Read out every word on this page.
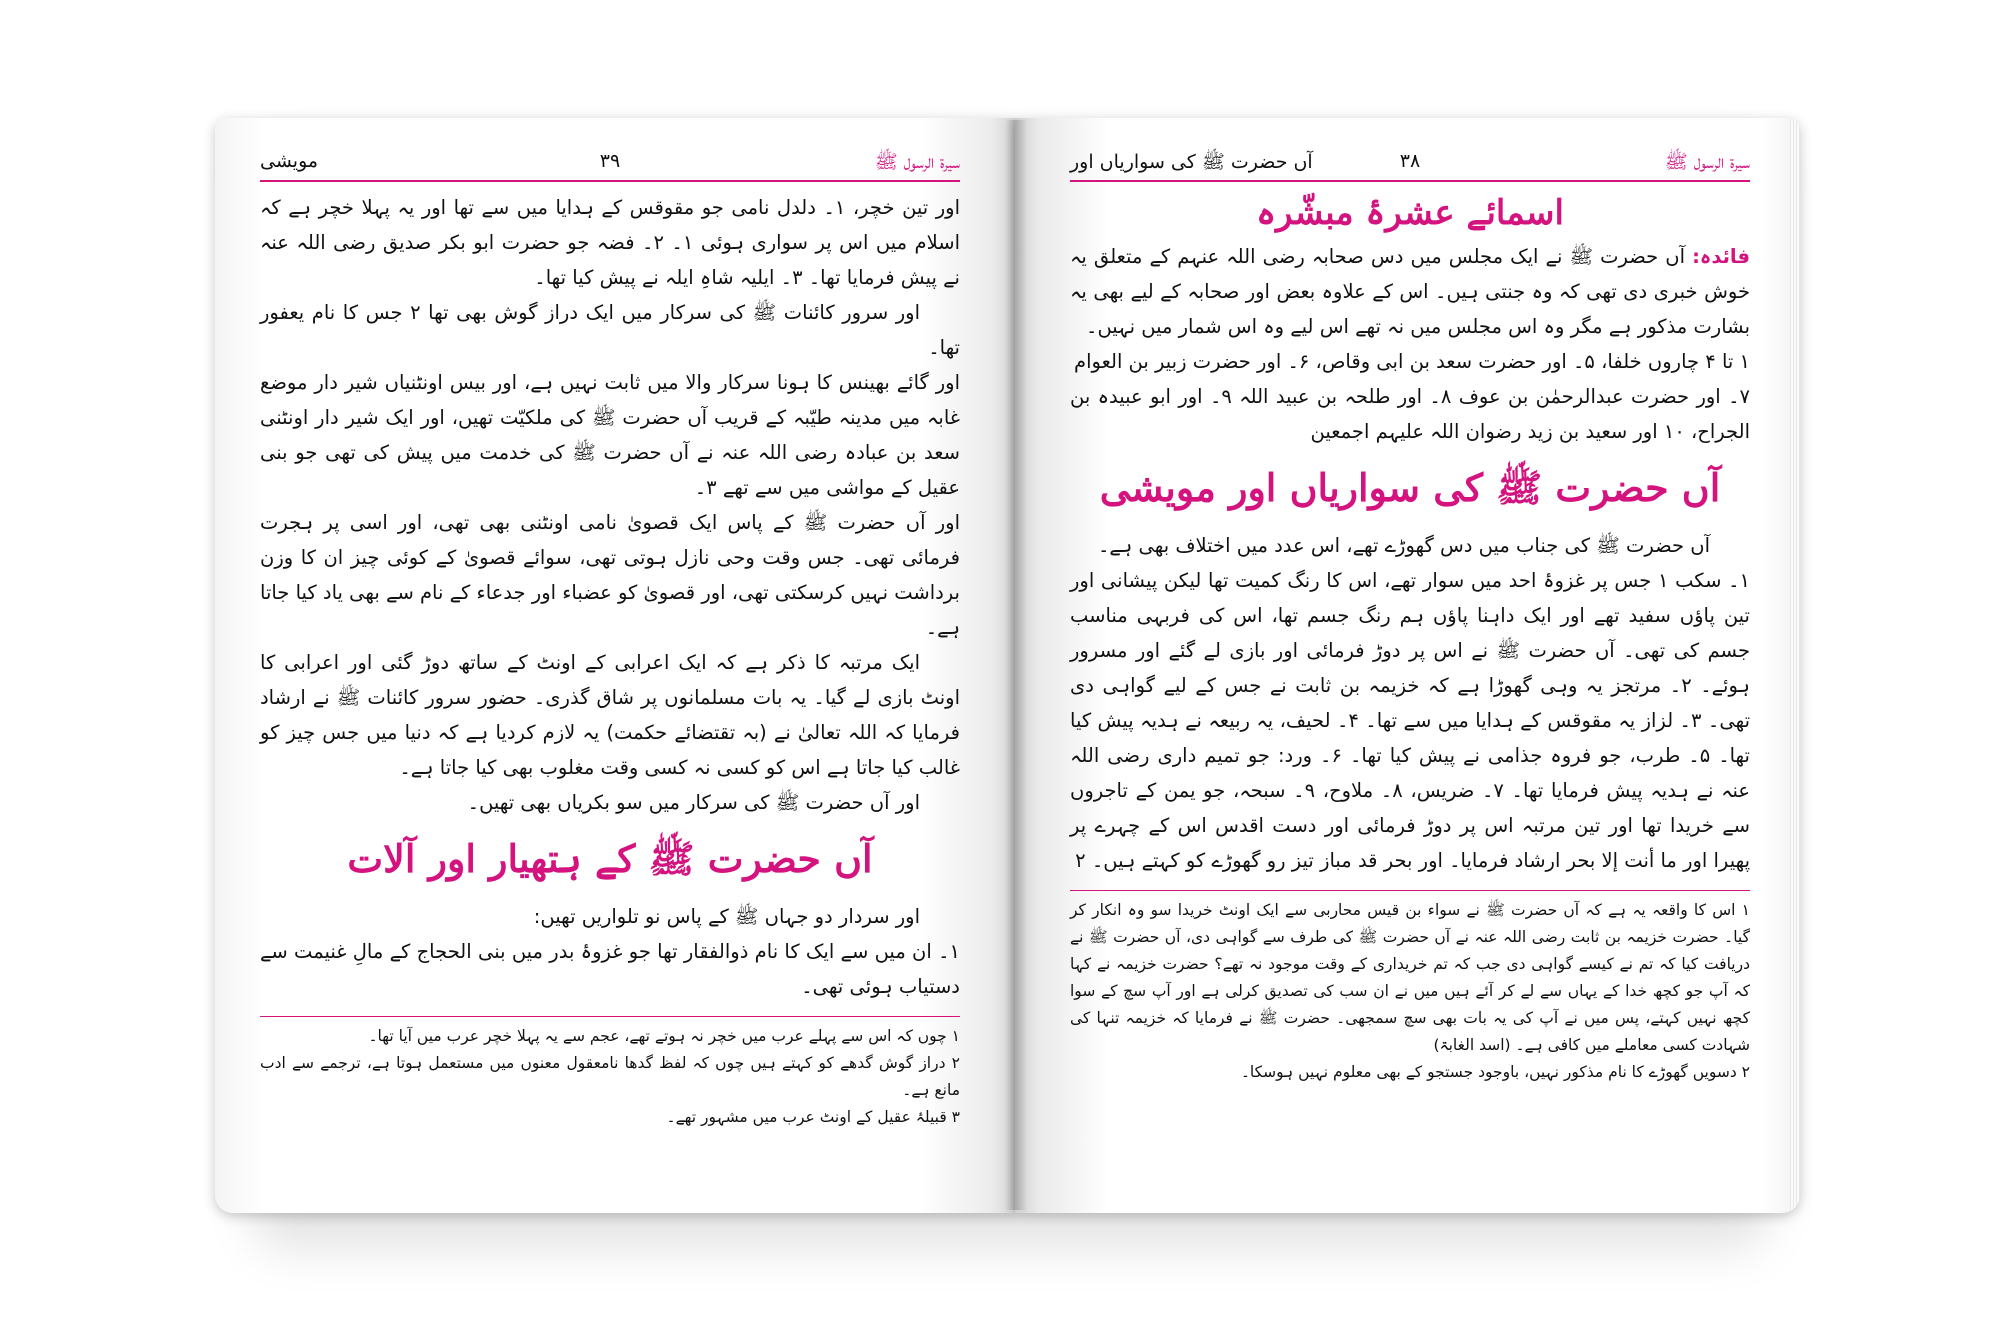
سیرۃ الرسول ﷺ
۳۹
مویشی

اور تین خچر، ۱۔ دلدل نامی جو مقوقس کے ہدایا میں سے تھا اور یہ پہلا خچر ہے کہ اسلام میں اس پر سواری ہوئی ۱۔ ۲۔ فضہ جو حضرت ابو بکر صدیق رضی اللہ عنہ نے پیش فرمایا تھا۔ ۳۔ ایلیہ شاہِ ایلہ نے پیش کیا تھا۔

اور سرور کائنات ﷺ کی سرکار میں ایک دراز گوش بھی تھا ۲ جس کا نام یعفور تھا۔

اور گائے بھینس کا ہونا سرکار والا میں ثابت نہیں ہے، اور بیس اونٹنیاں شیر دار موضع غابہ میں مدینہ طیّبہ کے قریب آں حضرت ﷺ کی ملکیّت تھیں، اور ایک شیر دار اونٹنی سعد بن عبادہ رضی اللہ عنہ نے آں حضرت ﷺ کی خدمت میں پیش کی تھی جو بنی عقیل کے مواشی میں سے تھے ۳۔

اور آں حضرت ﷺ کے پاس ایک قصویٰ نامی اونٹنی بھی تھی، اور اسی پر ہجرت فرمائی تھی۔ جس وقت وحی نازل ہوتی تھی، سوائے قصویٰ کے کوئی چیز ان کا وزن برداشت نہیں کرسکتی تھی، اور قصویٰ کو عضباء اور جدعاء کے نام سے بھی یاد کیا جاتا ہے۔

ایک مرتبہ کا ذکر ہے کہ ایک اعرابی کے اونٹ کے ساتھ دوڑ گئی اور اعرابی کا اونٹ بازی لے گیا۔ یہ بات مسلمانوں پر شاق گذری۔ حضور سرور کائنات ﷺ نے ارشاد فرمایا کہ اللہ تعالیٰ نے (بہ تقتضائے حکمت) یہ لازم کردیا ہے کہ دنیا میں جس چیز کو غالب کیا جاتا ہے اس کو کسی نہ کسی وقت مغلوب بھی کیا جاتا ہے۔

اور آں حضرت ﷺ کی سرکار میں سو بکریاں بھی تھیں۔

آں حضرت ﷺ کے ہتھیار اور آلات

اور سردار دو جہاں ﷺ کے پاس نو تلواریں تھیں:

۱۔ ان میں سے ایک کا نام ذوالفقار تھا جو غزوۂ بدر میں بنی الحجاج کے مالِ غنیمت سے دستیاب ہوئی تھی۔

۱ چوں کہ اس سے پہلے عرب میں خچر نہ ہوتے تھے، عجم سے یہ پہلا خچر عرب میں آیا تھا۔

۲ دراز گوش گدھے کو کہتے ہیں چوں کہ لفظ گدھا نامعقول معنوں میں مستعمل ہوتا ہے، ترجمے سے ادب مانع ہے۔

۳ قبیلۂ عقیل کے اونٹ عرب میں مشہور تھے۔

سیرۃ الرسول ﷺ
۳۸
آں حضرت ﷺ کی سواریاں اور
اسمائے عشرۂ مبشّرہ

فائدہ: آں حضرت ﷺ نے ایک مجلس میں دس صحابہ رضی اللہ عنہم کے متعلق یہ خوش خبری دی تھی کہ وہ جنتی ہیں۔ اس کے علاوہ بعض اور صحابہ کے لیے بھی یہ بشارت مذکور ہے مگر وہ اس مجلس میں نہ تھے اس لیے وہ اس شمار میں نہیں۔

۱ تا ۴ چاروں خلفا، ۵۔ اور حضرت سعد بن ابی وقاص، ۶۔ اور حضرت زبیر بن العوام

۷۔ اور حضرت عبدالرحمٰن بن عوف ۸۔ اور طلحہ بن عبید اللہ ۹۔ اور ابو عبیدہ بن الجراح، ۱۰ اور سعید بن زید رضوان اللہ علیہم اجمعین

آں حضرت ﷺ کی سواریاں اور مویشی

آں حضرت ﷺ کی جناب میں دس گھوڑے تھے، اس عدد میں اختلاف بھی ہے۔

۱۔ سکب ۱ جس پر غزوۂ احد میں سوار تھے، اس کا رنگ کمیت تھا لیکن پیشانی اور تین پاؤں سفید تھے اور ایک داہنا پاؤں ہم رنگ جسم تھا، اس کی فربہی مناسب جسم کی تھی۔ آں حضرت ﷺ نے اس پر دوڑ فرمائی اور بازی لے گئے اور مسرور ہوئے۔ ۲۔ مرتجز یہ وہی گھوڑا ہے کہ خزیمہ بن ثابت نے جس کے لیے گواہی دی تھی۔ ۳۔ لزاز یہ مقوقس کے ہدایا میں سے تھا۔ ۴۔ لحیف، یہ ربیعہ نے ہدیہ پیش کیا تھا۔ ۵۔ طرب، جو فروہ جذامی نے پیش کیا تھا۔ ۶۔ ورد: جو تمیم داری رضی اللہ عنہ نے ہدیہ پیش فرمایا تھا۔ ۷۔ ضریس، ۸۔ ملاوح، ۹۔ سبحہ، جو یمن کے تاجروں سے خریدا تھا اور تین مرتبہ اس پر دوڑ فرمائی اور دست اقدس اس کے چہرے پر پھیرا اور ما أنت إلا بحر ارشاد فرمایا۔ اور بحر قد مباز تیز رو گھوڑے کو کہتے ہیں۔ ۲

۱ اس کا واقعہ یہ ہے کہ آں حضرت ﷺ نے سواء بن قیس محاربی سے ایک اونٹ خریدا سو وہ انکار کر گیا۔ حضرت خزیمہ بن ثابت رضی اللہ عنہ نے آں حضرت ﷺ کی طرف سے گواہی دی، آں حضرت ﷺ نے دریافت کیا کہ تم نے کیسے گواہی دی جب کہ تم خریداری کے وقت موجود نہ تھے؟ حضرت خزیمہ نے کہا کہ آپ جو کچھ خدا کے یہاں سے لے کر آئے ہیں میں نے ان سب کی تصدیق کرلی ہے اور آپ سچ کے سوا کچھ نہیں کہتے، پس میں نے آپ کی یہ بات بھی سچ سمجھی۔ حضرت ﷺ نے فرمایا کہ خزیمہ تنہا کی شہادت کسی معاملے میں کافی ہے۔ (اسد الغابۃ)

۲ دسویں گھوڑے کا نام مذکور نہیں، باوجود جستجو کے بھی معلوم نہیں ہوسکا۔
